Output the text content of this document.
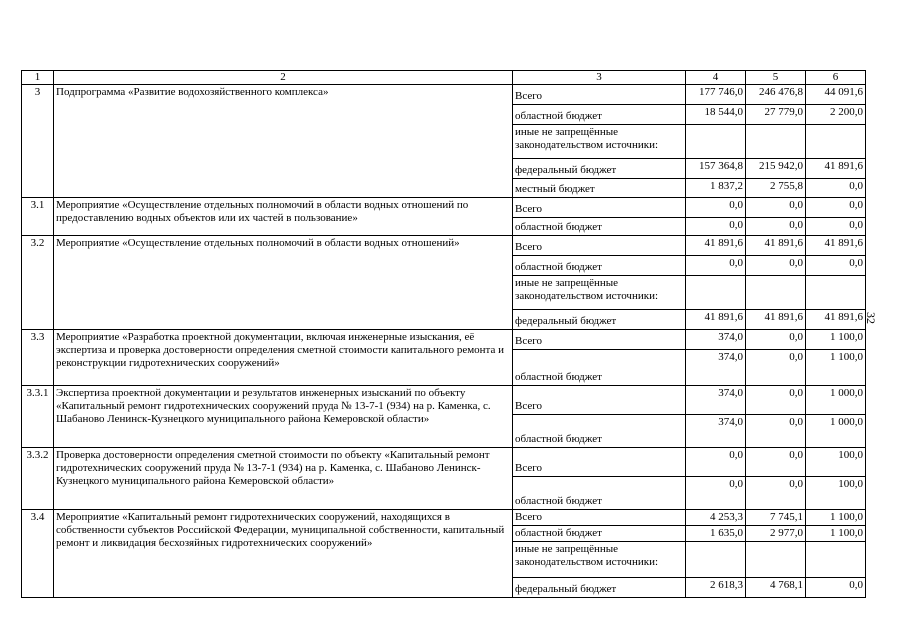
1	2	3	4	5	6
3	Подпрограмма «Развитие водохозяйственного комплекса»	Всего	177 746,0	246 476,8	44 091,6
		областной бюджет	18 544,0	27 779,0	2 200,0
		иные не запрещённые законодательством источники:			
		федеральный бюджет	157 364,8	215 942,0	41 891,6
		местный бюджет	1 837,2	2 755,8	0,0
3.1	Мероприятие «Осуществление отдельных полномочий в области водных отношений по предоставлению водных объектов или их частей в пользование»	Всего	0,0	0,0	0,0
		областной бюджет	0,0	0,0	0,0
3.2	Мероприятие «Осуществление отдельных полномочий в области водных отношений»	Всего	41 891,6	41 891,6	41 891,6
		областной бюджет	0,0	0,0	0,0
		иные не запрещённые законодательством источники:			
		федеральный бюджет	41 891,6	41 891,6	41 891,6
3.3	Мероприятие «Разработка проектной документации, включая инженерные изыскания, её экспертиза и проверка достоверности определения сметной стоимости капитального ремонта и реконструкции гидротехнических сооружений»	Всего	374,0	0,0	1 100,0
		областной бюджет	374,0	0,0	1 100,0
3.3.1	Экспертиза проектной документации и результатов инженерных изысканий по объекту «Капитальный ремонт гидротехнических сооружений пруда № 13-7-1 (934) на р. Каменка, с. Шабаново Ленинск-Кузнецкого муниципального района Кемеровской области»	Всего	374,0	0,0	1 000,0
		областной бюджет	374,0	0,0	1 000,0
3.3.2	Проверка достоверности определения сметной стоимости по объекту «Капитальный ремонт гидротехнических сооружений пруда № 13-7-1 (934) на р. Каменка, с. Шабаново Ленинск-Кузнецкого муниципального района Кемеровской области»	Всего	0,0	0,0	100,0
		областной бюджет	0,0	0,0	100,0
3.4	Мероприятие «Капитальный ремонт гидротехнических сооружений, находящихся в собственности субъектов Российской Федерации, муниципальной собственности, капитальный ремонт и ликвидация бесхозяйных гидротехнических сооружений»	Всего	4 253,3	7 745,1	1 100,0
		областной бюджет	1 635,0	2 977,0	1 100,0
		иные не запрещённые законодательством источники:			
		федеральный бюджет	2 618,3	4 768,1	0,0
32
